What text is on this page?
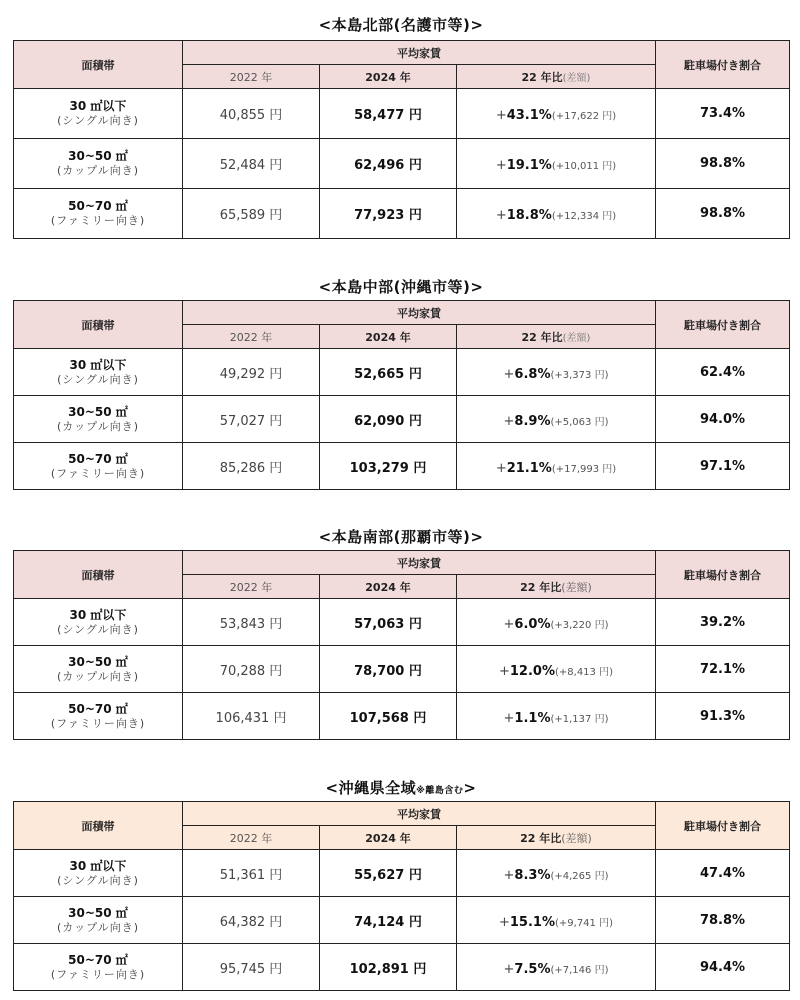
<本島北部(名護市等)>
面積帯	平均家賃			駐車場付き割合
	2022 年	2024 年	22 年比(差額)	

30 ㎡以下
(シングル向き)	40,855 円	58,477 円	+43.1%(+17,622 円)	73.4%

30~50 ㎡
(カップル向き)	52,484 円	62,496 円	+19.1%(+10,011 円)	98.8%

50~70 ㎡
(ファミリー向き)	65,589 円	77,923 円	+18.8%(+12,334 円)	98.8%
<本島中部(沖縄市等)>
面積帯	平均家賃			駐車場付き割合
	2022 年	2024 年	22 年比(差額)	

30 ㎡以下
(シングル向き)	49,292 円	52,665 円	+6.8%(+3,373 円)	62.4%

30~50 ㎡
(カップル向き)	57,027 円	62,090 円	+8.9%(+5,063 円)	94.0%

50~70 ㎡
(ファミリー向き)	85,286 円	103,279 円	+21.1%(+17,993 円)	97.1%
<本島南部(那覇市等)>
面積帯	平均家賃			駐車場付き割合
	2022 年	2024 年	22 年比(差額)	

30 ㎡以下
(シングル向き)	53,843 円	57,063 円	+6.0%(+3,220 円)	39.2%

30~50 ㎡
(カップル向き)	70,288 円	78,700 円	+12.0%(+8,413 円)	72.1%

50~70 ㎡
(ファミリー向き)	106,431 円	107,568 円	+1.1%(+1,137 円)	91.3%
<沖縄県全域※離島含む>
面積帯	平均家賃			駐車場付き割合
	2022 年	2024 年	22 年比(差額)	

30 ㎡以下
(シングル向き)	51,361 円	55,627 円	+8.3%(+4,265 円)	47.4%

30~50 ㎡
(カップル向き)	64,382 円	74,124 円	+15.1%(+9,741 円)	78.8%

50~70 ㎡
(ファミリー向き)	95,745 円	102,891 円	+7.5%(+7,146 円)	94.4%
